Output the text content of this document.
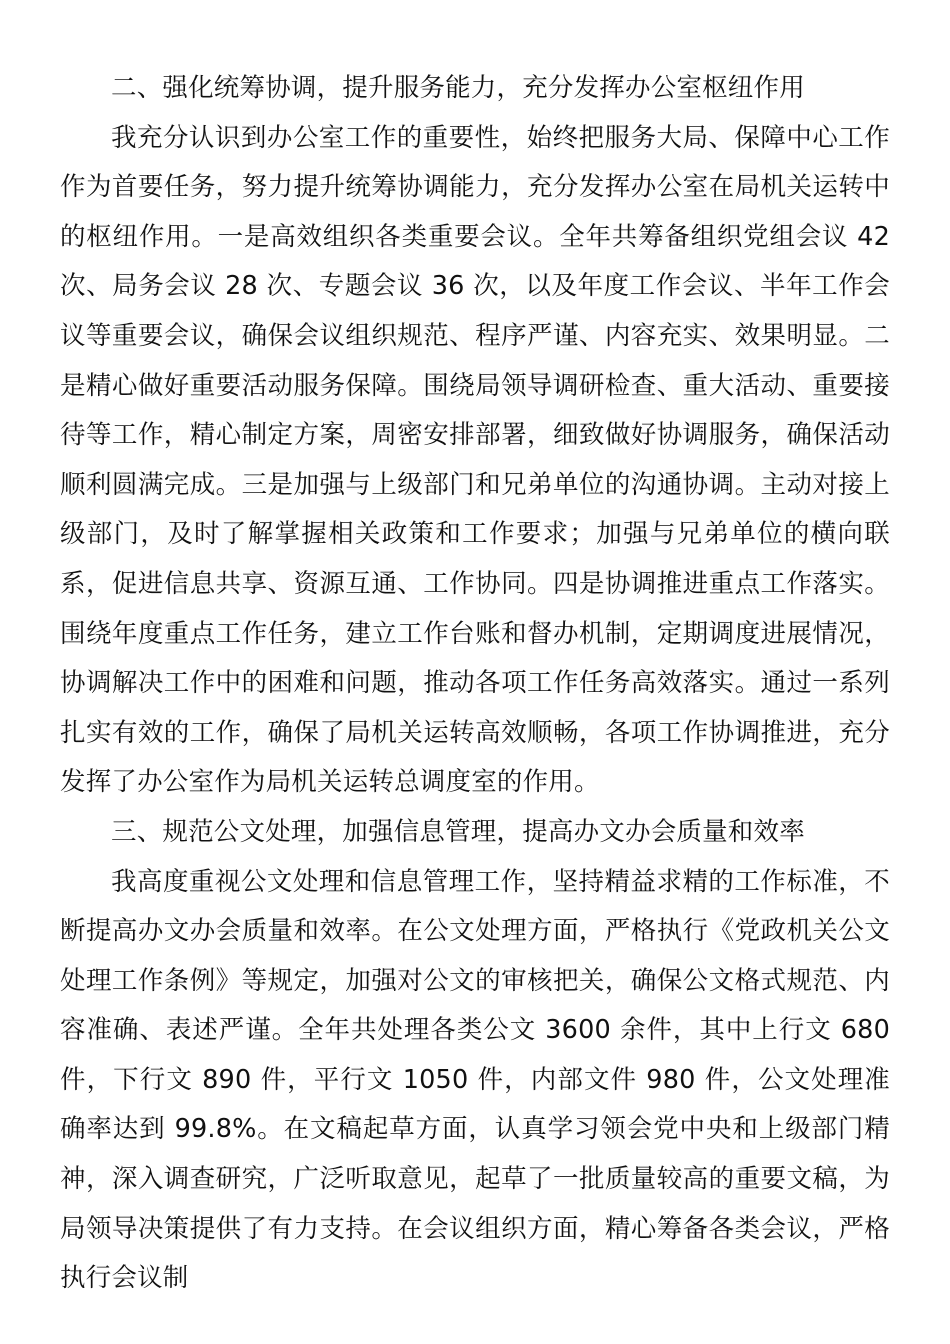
二、强化统筹协调，提升服务能力，充分发挥办公室枢纽作用

我充分认识到办公室工作的重要性，始终把服务大局、保障中心工作作为首要任务，努力提升统筹协调能力，充分发挥办公室在局机关运转中的枢纽作用。一是高效组织各类重要会议。全年共筹备组织党组会议 42 次、局务会议 28 次、专题会议 36 次，以及年度工作会议、半年工作会议等重要会议，确保会议组织规范、程序严谨、内容充实、效果明显。二是精心做好重要活动服务保障。围绕局领导调研检查、重大活动、重要接待等工作，精心制定方案，周密安排部署，细致做好协调服务，确保活动顺利圆满完成。三是加强与上级部门和兄弟单位的沟通协调。主动对接上级部门，及时了解掌握相关政策和工作要求；加强与兄弟单位的横向联系，促进信息共享、资源互通、工作协同。四是协调推进重点工作落实。围绕年度重点工作任务，建立工作台账和督办机制，定期调度进展情况，协调解决工作中的困难和问题，推动各项工作任务高效落实。通过一系列扎实有效的工作，确保了局机关运转高效顺畅，各项工作协调推进，充分发挥了办公室作为局机关运转总调度室的作用。

三、规范公文处理，加强信息管理，提高办文办会质量和效率

我高度重视公文处理和信息管理工作，坚持精益求精的工作标准，不断提高办文办会质量和效率。在公文处理方面，严格执行《党政机关公文处理工作条例》等规定，加强对公文的审核把关，确保公文格式规范、内容准确、表述严谨。全年共处理各类公文 3600 余件，其中上行文 680 件，下行文 890 件，平行文 1050 件，内部文件 980 件，公文处理准确率达到 99.8%。在文稿起草方面，认真学习领会党中央和上级部门精神，深入调查研究，广泛听取意见，起草了一批质量较高的重要文稿，为局领导决策提供了有力支持。在会议组织方面，精心筹备各类会议，严格执行会议制
